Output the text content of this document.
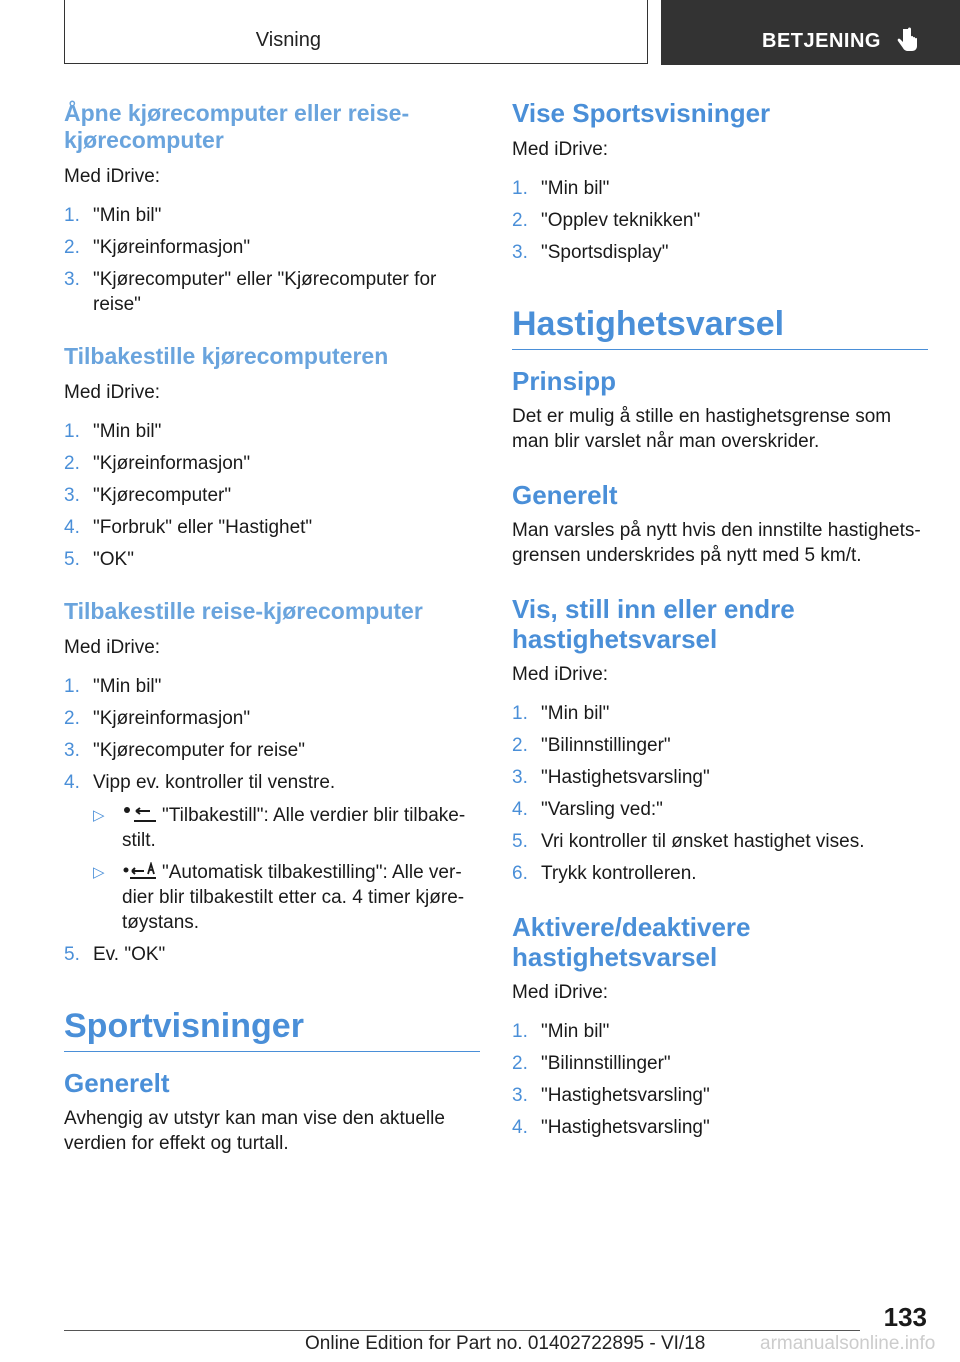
Visning	BETJENING
Åpne kjørecomputer eller reise-kjørecomputer

Med iDrive:

1. "Min bil"
2. "Kjøreinformasjon"
3. "Kjørecomputer" eller "Kjørecomputer for reise"
Tilbakestille kjørecomputeren

Med iDrive:

1. "Min bil"
2. "Kjøreinformasjon"
3. "Kjørecomputer"
4. "Forbruk" eller "Hastighet"
5. "OK"
Tilbakestille reise-kjørecomputer

Med iDrive:

1. "Min bil"
2. "Kjøreinformasjon"
3. "Kjørecomputer for reise"
4. Vipp ev. kontroller til venstre.
▷	"Tilbakestill": Alle verdier blir tilbake-stilt.
▷	"Automatisk tilbakestilling": Alle ver-dier blir tilbakestilt etter ca. 4 timer kjøre-tøystans.
5. Ev. "OK"
Sportvisninger
Generelt

Avhengig av utstyr kan man vise den aktuelle verdien for effekt og turtall.

Vise Sportsvisninger

Med iDrive:

1. "Min bil"
2. "Opplev teknikken"
3. "Sportsdisplay"
Hastighetsvarsel
Prinsipp

Det er mulig å stille en hastighetsgrense som man blir varslet når man overskrider.

Generelt

Man varsles på nytt hvis den innstilte hastighets-grensen underskrides på nytt med 5 km/t.

Vis, still inn eller endre hastighetsvarsel

Med iDrive:

1. "Min bil"
2. "Bilinnstillinger"
3. "Hastighetsvarsling"
4. "Varsling ved:"
5. Vri kontroller til ønsket hastighet vises.
6. Trykk kontrolleren.
Aktivere/deaktivere hastighetsvarsel

Med iDrive:

1. "Min bil"
2. "Bilinnstillinger"
3. "Hastighetsvarsling"
4. "Hastighetsvarsling"
133
Online Edition for Part no. 01402722895 - VI/18	armanualsonline.info
